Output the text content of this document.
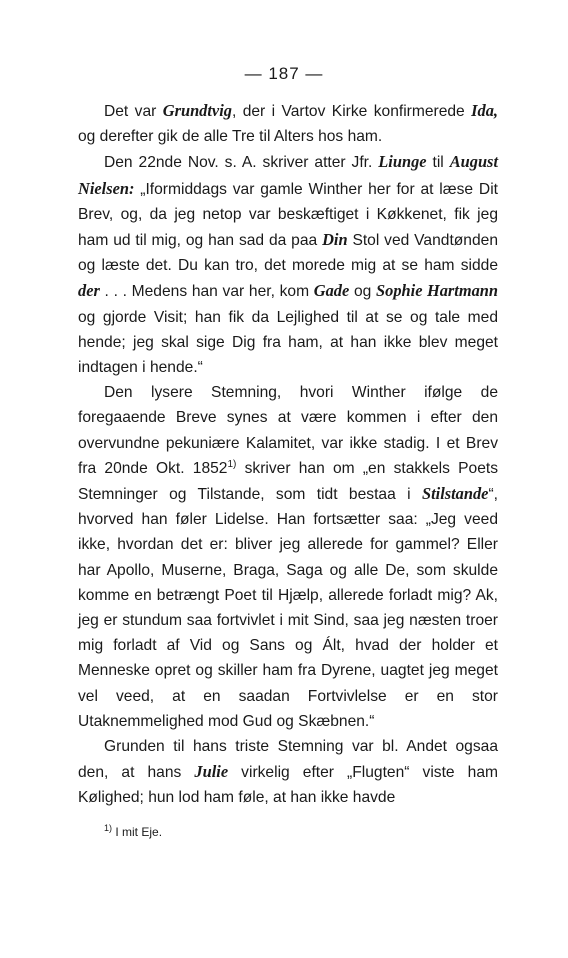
— 187 —

Det var Grundtvig, der i Vartov Kirke konfirmerede Ida, og derefter gik de alle Tre til Alters hos ham.

Den 22nde Nov. s. A. skriver atter Jfr. Liunge til August Nielsen: „Iformiddags var gamle Winther her for at læse Dit Brev, og, da jeg netop var beskæftiget i Køkkenet, fik jeg ham ud til mig, og han sad da paa Din Stol ved Vandtønden og læste det. Du kan tro, det morede mig at se ham sidde der . . . Medens han var her, kom Gade og Sophie Hartmann og gjorde Visit; han fik da Lejlighed til at se og tale med hende; jeg skal sige Dig fra ham, at han ikke blev meget indtagen i hende.“

Den lysere Stemning, hvori Winther ifølge de foregaaende Breve synes at være kommen i efter den overvundne pekuniære Kalamitet, var ikke stadig. I et Brev fra 20nde Okt. 1852$^{1)}$ skriver han om „en stakkels Poets Stemninger og Tilstande, som tidt bestaa i Stilstande“, hvorved han føler Lidelse. Han fortsætter saa: „Jeg veed ikke, hvordan det er: bliver jeg allerede for gammel? Eller har Apollo, Muserne, Braga, Saga og alle De, som skulde komme en betrængt Poet til Hjælp, allerede forladt mig? Ak, jeg er stundum saa fortvivlet i mit Sind, saa jeg næsten troer mig forladt af Vid og Sans og Ált, hvad der holder et Menneske opret og skiller ham fra Dyrene, uagtet jeg meget vel veed, at en saadan Fortvivlelse er en stor Utaknemmelighed mod Gud og Skæbnen.“

Grunden til hans triste Stemning var bl. Andet ogsaa den, at hans Julie virkelig efter „Flugten“ viste ham Kølighed; hun lod ham føle, at han ikke havde

$^{1)}$ I mit Eje.
